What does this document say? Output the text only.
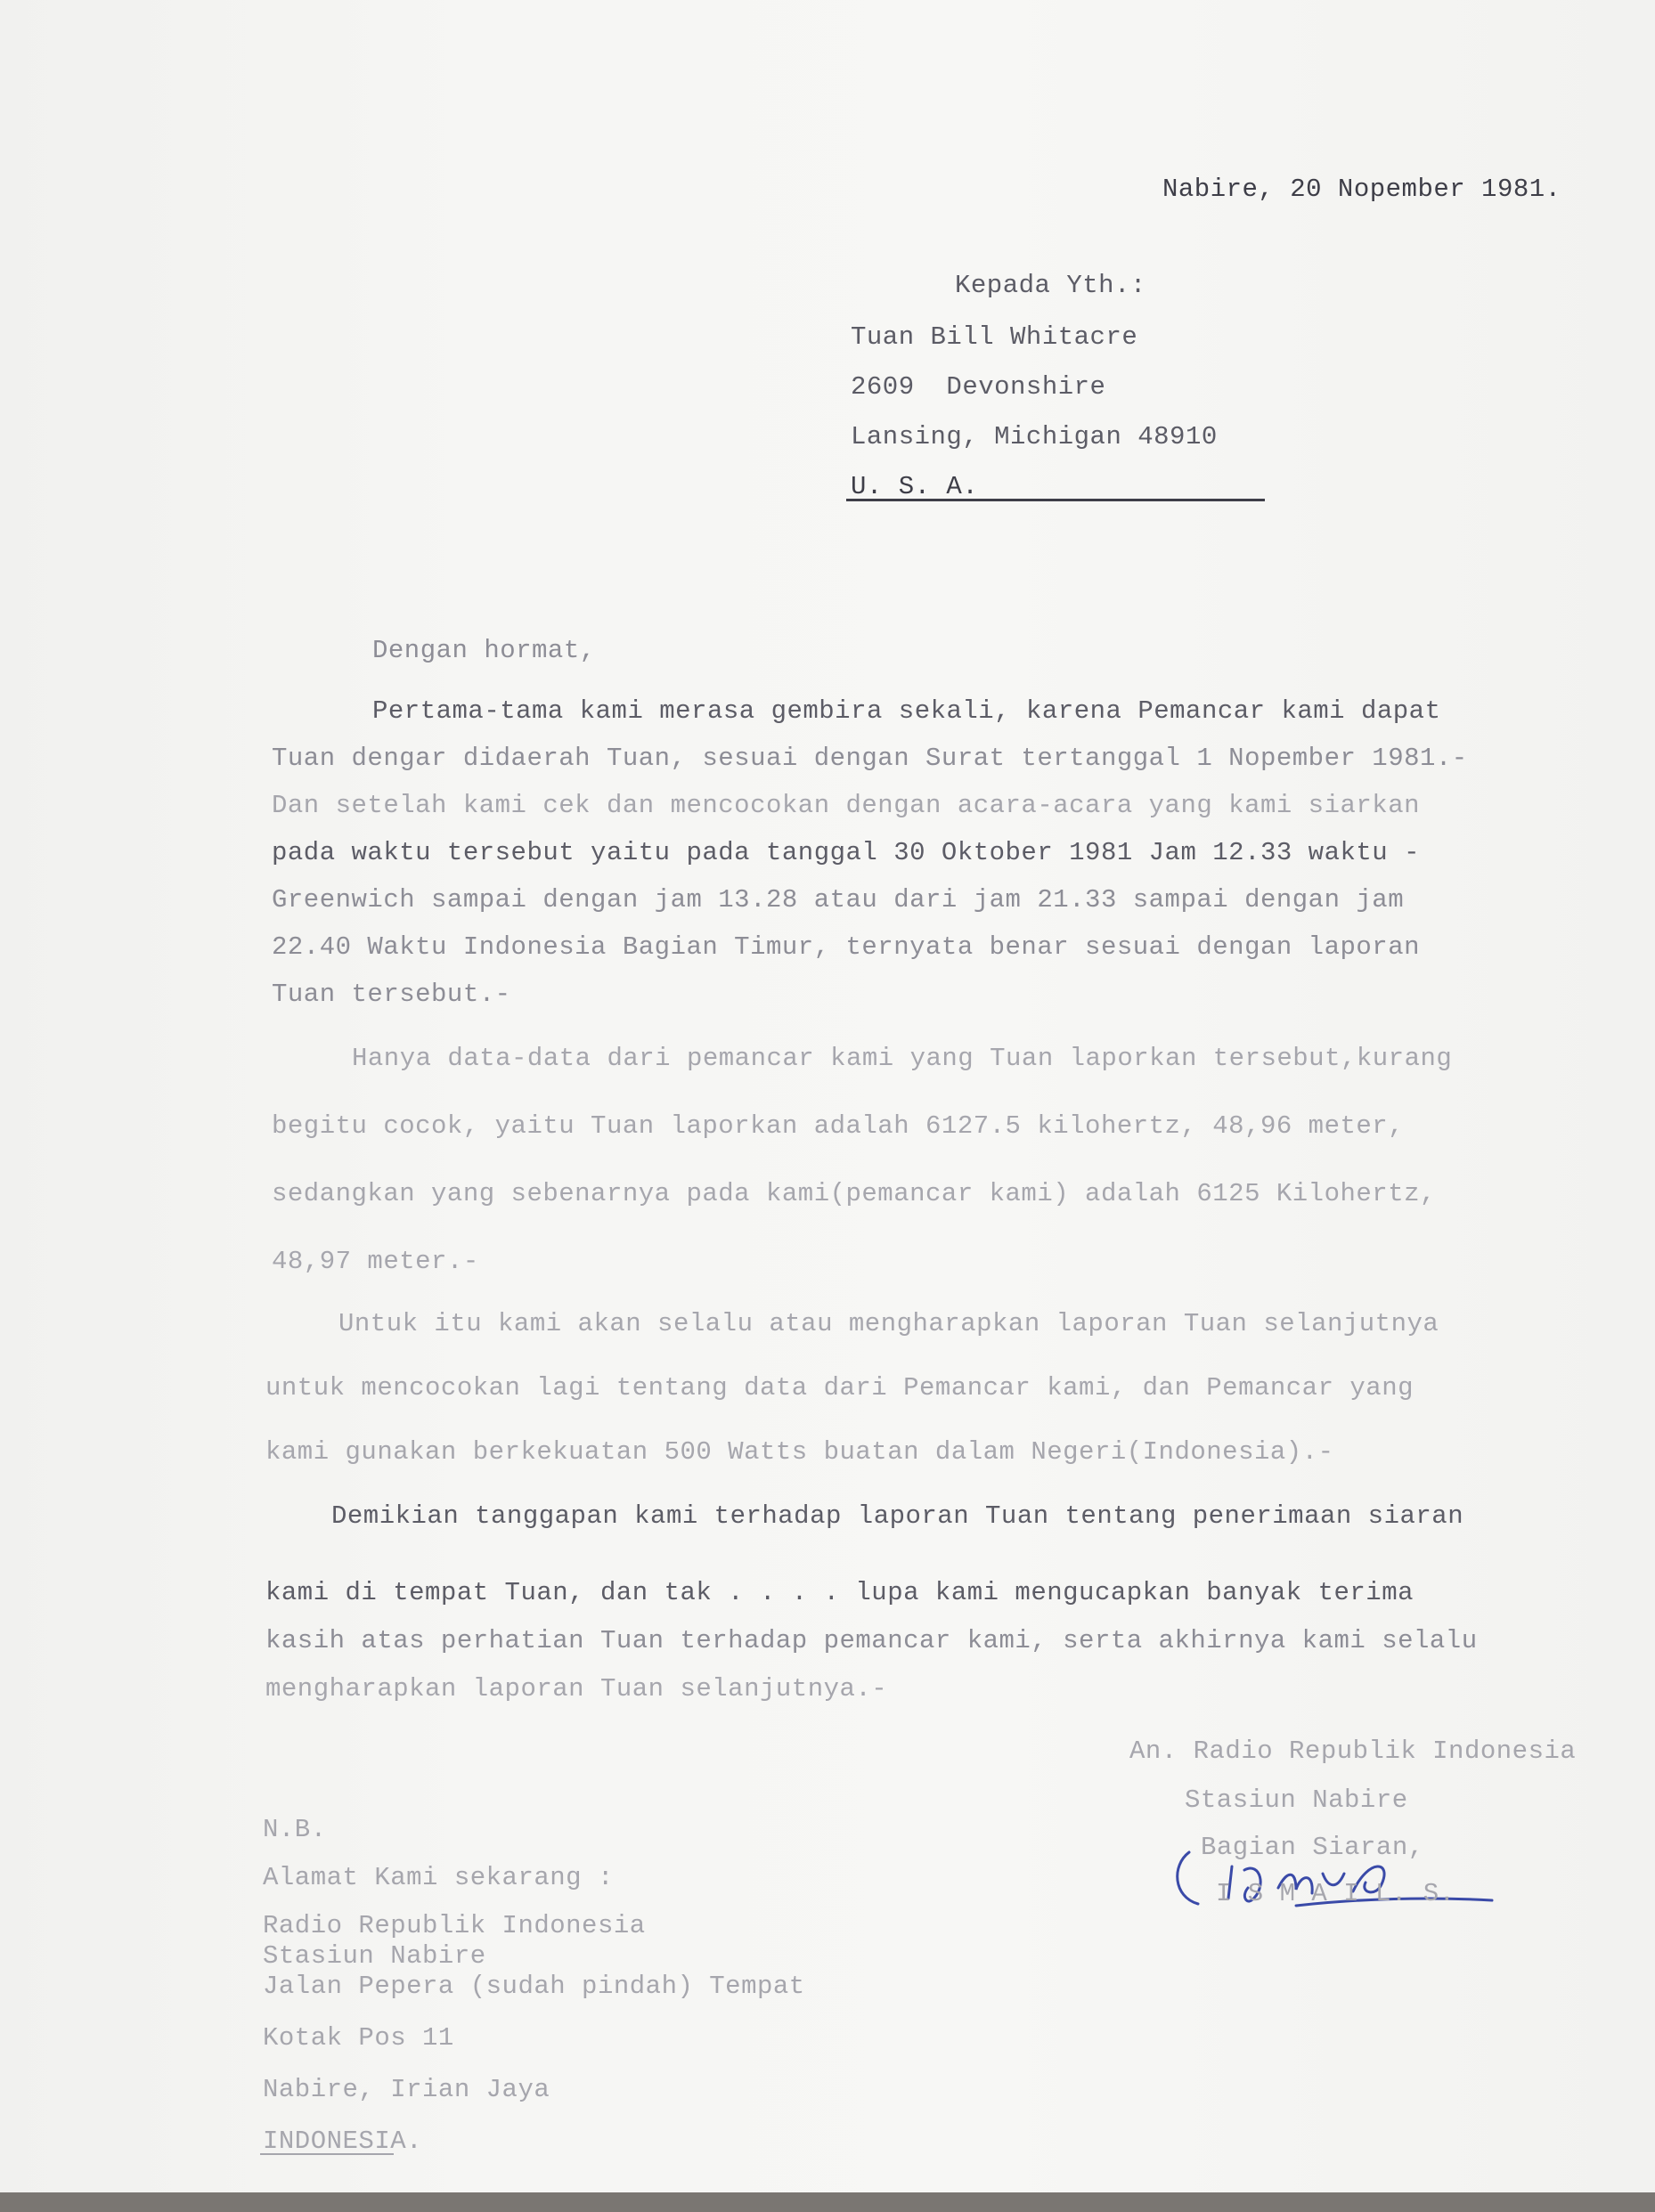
Nabire, 20 Nopember 1981.
Kepada Yth.:
Tuan Bill Whitacre
2609  Devonshire
Lansing, Michigan 48910
U. S. A.
Dengan hormat,
Pertama-tama kami merasa gembira sekali, karena Pemancar kami dapat
Tuan dengar didaerah Tuan, sesuai dengan Surat tertanggal 1 Nopember 1981.-
Dan setelah kami cek dan mencocokan dengan acara-acara yang kami siarkan
pada waktu tersebut yaitu pada tanggal 30 Oktober 1981 Jam 12.33 waktu -
Greenwich sampai dengan jam 13.28 atau dari jam 21.33 sampai dengan jam
22.40 Waktu Indonesia Bagian Timur, ternyata benar sesuai dengan laporan
Tuan tersebut.-
Hanya data-data dari pemancar kami yang Tuan laporkan tersebut,kurang
begitu cocok, yaitu Tuan laporkan adalah 6127.5 kilohertz, 48,96 meter,
sedangkan yang sebenarnya pada kami(pemancar kami) adalah 6125 Kilohertz,
48,97 meter.-
Untuk itu kami akan selalu atau mengharapkan laporan Tuan selanjutnya
untuk mencocokan lagi tentang data dari Pemancar kami, dan Pemancar yang
kami gunakan berkekuatan 500 Watts buatan dalam Negeri(Indonesia).-
Demikian tanggapan kami terhadap laporan Tuan tentang penerimaan siaran
kami di tempat Tuan, dan tak . . . . lupa kami mengucapkan banyak terima
kasih atas perhatian Tuan terhadap pemancar kami, serta akhirnya kami selalu
mengharapkan laporan Tuan selanjutnya.-
An. Radio Republik Indonesia
Stasiun Nabire
Bagian Siaran,
I S M A I L. S.
N.B.
Alamat Kami sekarang :
Radio Republik Indonesia
Stasiun Nabire
Jalan Pepera (sudah pindah) Tempat
Kotak Pos 11
Nabire, Irian Jaya
INDONESIA.
